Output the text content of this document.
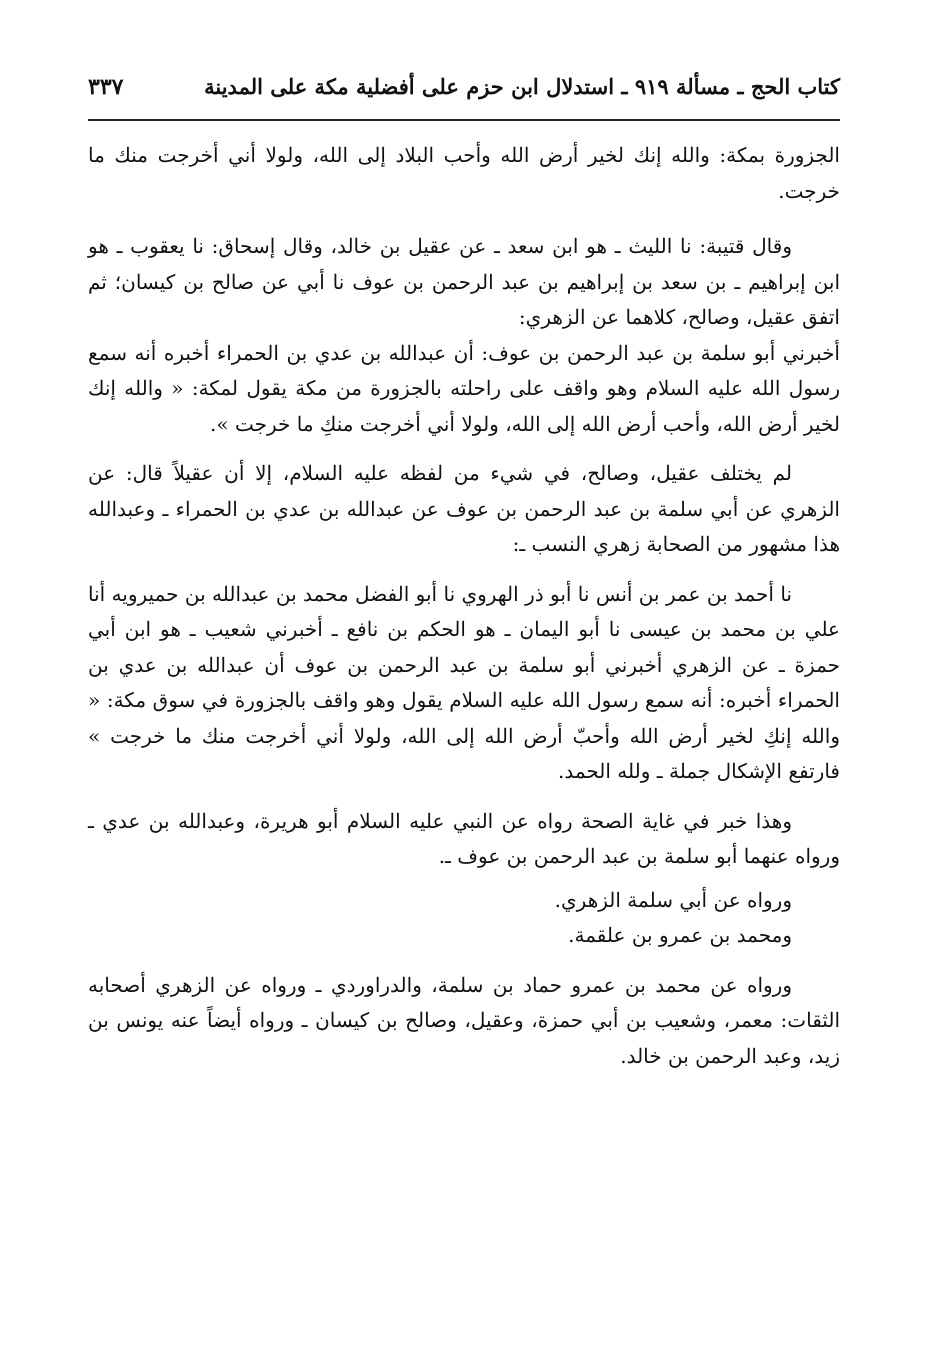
كتاب الحج ـ مسألة ٩١٩ ـ استدلال ابن حزم على أفضلية مكة على المدينة
٣٣٧

الجزورة بمكة: والله إنك لخير أرض الله وأحب البلاد إلى الله، ولولا أني أخرجت منك ما خرجت.

وقال قتيبة: نا الليث ـ هو ابن سعد ـ عن عقيل بن خالد، وقال إسحاق: نا يعقوب ـ هو ابن إبراهيم ـ بن سعد بن إبراهيم بن عبد الرحمن بن عوف نا أبي عن صالح بن كيسان؛ ثم اتفق عقيل، وصالح، كلاهما عن الزهري:

أخبرني أبو سلمة بن عبد الرحمن بن عوف: أن عبدالله بن عدي بن الحمراء أخبره أنه سمع رسول الله عليه السلام وهو واقف على راحلته بالجزورة من مكة يقول لمكة: « والله إنك لخير أرض الله، وأحب أرض الله إلى الله، ولولا أني أخرجت منكِ ما خرجت ».

لم يختلف عقيل، وصالح، في شيء من لفظه عليه السلام، إلا أن عقيلاً قال: عن الزهري عن أبي سلمة بن عبد الرحمن بن عوف عن عبدالله بن عدي بن الحمراء ـ وعبدالله هذا مشهور من الصحابة زهري النسب ـ:

نا أحمد بن عمر بن أنس نا أبو ذر الهروي نا أبو الفضل محمد بن عبدالله بن حميرويه أنا علي بن محمد بن عيسى نا أبو اليمان ـ هو الحكم بن نافع ـ أخبرني شعيب ـ هو ابن أبي حمزة ـ عن الزهري أخبرني أبو سلمة بن عبد الرحمن بن عوف أن عبدالله بن عدي بن الحمراء أخبره: أنه سمع رسول الله عليه السلام يقول وهو واقف بالجزورة في سوق مكة: « والله إنكِ لخير أرض الله وأحبّ أرض الله إلى الله، ولولا أني أخرجت منك ما خرجت » فارتفع الإشكال جملة ـ ولله الحمد.

وهذا خبر في غاية الصحة رواه عن النبي عليه السلام أبو هريرة، وعبدالله بن عدي ـ ورواه عنهما أبو سلمة بن عبد الرحمن بن عوف ـ.

ورواه عن أبي سلمة الزهري.

ومحمد بن عمرو بن علقمة.

ورواه عن محمد بن عمرو حماد بن سلمة، والدراوردي ـ ورواه عن الزهري أصحابه الثقات: معمر، وشعيب بن أبي حمزة، وعقيل، وصالح بن كيسان ـ ورواه أيضاً عنه يونس بن زيد، وعبد الرحمن بن خالد.
